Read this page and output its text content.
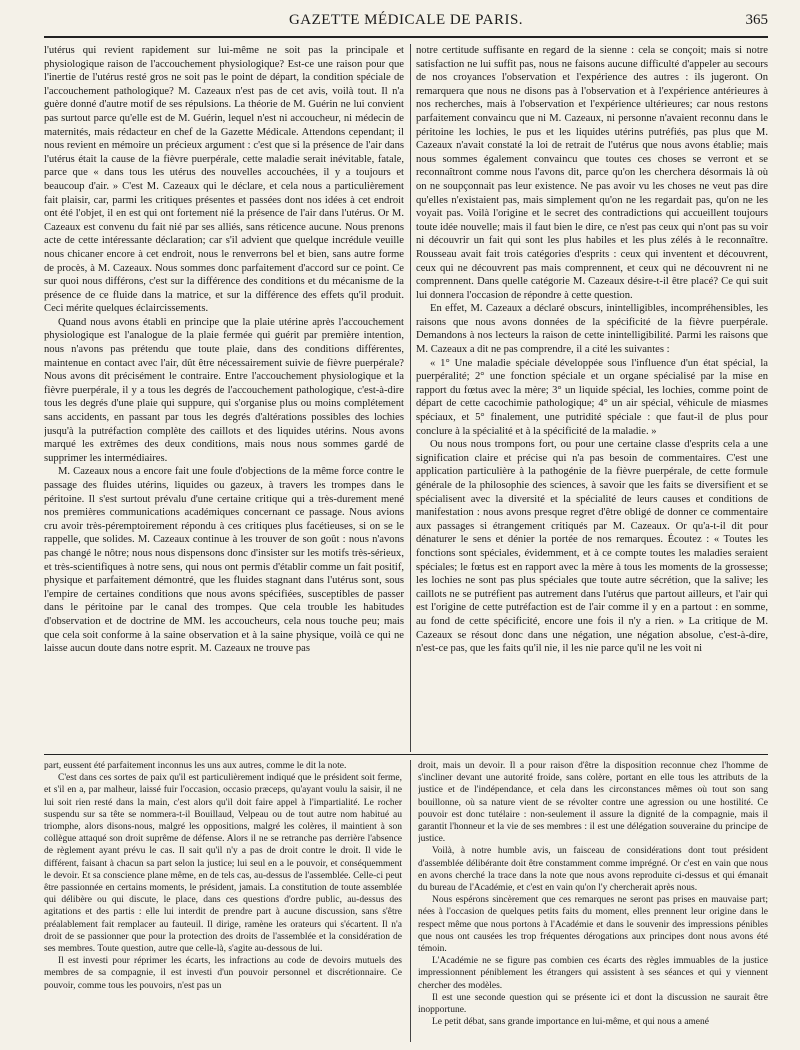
GAZETTE MÉDICALE DE PARIS.	365

l'utérus qui revient rapidement sur lui-même ne soit pas la principale et physiologique raison de l'accouchement physiologique? Est-ce une raison pour que l'inertie de l'utérus resté gros ne soit pas le point de départ, la condition spéciale de l'accouchement pathologique? M. Cazeaux n'est pas de cet avis, voilà tout. Il n'a guère donné d'autre motif de ses répulsions. La théorie de M. Guérin ne lui convient pas surtout parce qu'elle est de M. Guérin, lequel n'est ni accoucheur, ni médecin de maternités, mais rédacteur en chef de la Gazette Médicale. Attendons cependant; il nous revient en mémoire un précieux argument : c'est que si la présence de l'air dans l'utérus était la cause de la fièvre puerpérale, cette maladie serait inévitable, fatale, parce que « dans tous les utérus des nouvelles accouchées, il y a toujours et beaucoup d'air. » C'est M. Cazeaux qui le déclare, et cela nous a particulièrement fait plaisir, car, parmi les critiques présentes et passées dont nos idées à cet endroit ont été l'objet, il en est qui ont fortement nié la présence de l'air dans l'utérus. Or M. Cazeaux est convenu du fait nié par ses alliés, sans réticence aucune. Nous prenons acte de cette intéressante déclaration; car s'il advient que quelque incrédule veuille nous chicaner encore à cet endroit, nous le renverrons bel et bien, sans autre forme de procès, à M. Cazeaux. Nous sommes donc parfaitement d'accord sur ce point. Ce sur quoi nous différons, c'est sur la différence des conditions et du mécanisme de la présence de ce fluide dans la matrice, et sur la différence des effets qu'il produit. Ceci mérite quelques éclaircissements.

Quand nous avons établi en principe que la plaie utérine après l'accouchement physiologique est l'analogue de la plaie fermée qui guérit par première intention, nous n'avons pas prétendu que toute plaie, dans des conditions différentes, maintenue en contact avec l'air, dût être nécessairement suivie de fièvre puerpérale? Nous avons dit précisément le contraire. Entre l'accouchement physiologique et la fièvre puerpérale, il y a tous les degrés de l'accouchement pathologique, c'est-à-dire tous les degrés d'une plaie qui suppure, qui s'organise plus ou moins complétement sans accidents, en passant par tous les degrés d'altérations possibles des lochies jusqu'à la putréfaction complète des caillots et des liquides utérins. Nous avons marqué les extrêmes des deux conditions, mais nous nous sommes gardé de supprimer les intermédiaires.

M. Cazeaux nous a encore fait une foule d'objections de la même force contre le passage des fluides utérins, liquides ou gazeux, à travers les trompes dans le péritoine. Il s'est surtout prévalu d'une certaine critique qui a très-durement mené nos premières communications académiques concernant ce passage. Nous avions cru avoir très-péremptoirement répondu à ces critiques plus facétieuses, si on se le rappelle, que solides. M. Cazeaux continue à les trouver de son goût : nous n'avons pas changé le nôtre; nous nous dispensons donc d'insister sur les motifs très-sérieux, et très-scientifiques à notre sens, qui nous ont permis d'établir comme un fait positif, physique et parfaitement démontré, que les fluides stagnant dans l'utérus sont, sous l'empire de certaines conditions que nous avons spécifiées, susceptibles de passer dans le péritoine par le canal des trompes. Que cela trouble les habitudes d'observation et de doctrine de MM. les accoucheurs, cela nous touche peu; mais que cela soit conforme à la saine observation et à la saine physique, voilà ce qui ne laisse aucun doute dans notre esprit. M. Cazeaux ne trouve pas

notre certitude suffisante en regard de la sienne : cela se conçoit; mais si notre satisfaction ne lui suffit pas, nous ne faisons aucune difficulté d'appeler au secours de nos croyances l'observation et l'expérience des autres : ils jugeront. On remarquera que nous ne disons pas à l'observation et à l'expérience antérieures à nos recherches, mais à l'observation et l'expérience ultérieures; car nous restons parfaitement convaincu que ni M. Cazeaux, ni personne n'avaient reconnu dans le péritoine les lochies, le pus et les liquides utérins putréfiés, pas plus que M. Cazeaux n'avait constaté la loi de retrait de l'utérus que nous avons établie; mais nous sommes également convaincu que toutes ces choses se verront et se reconnaîtront comme nous l'avons dit, parce qu'on les cherchera désormais là où on ne soupçonnait pas leur existence. Ne pas avoir vu les choses ne veut pas dire qu'elles n'existaient pas, mais simplement qu'on ne les regardait pas, qu'on ne les voyait pas. Voilà l'origine et le secret des contradictions qui accueillent toujours toute idée nouvelle; mais il faut bien le dire, ce n'est pas ceux qui n'ont pas su voir ni découvrir un fait qui sont les plus habiles et les plus zélés à le reconnaître. Rousseau avait fait trois catégories d'esprits : ceux qui inventent et découvrent, ceux qui ne découvrent pas mais comprennent, et ceux qui ne découvrent ni ne comprennent. Dans quelle catégorie M. Cazeaux désire-t-il être placé? Ce qui suit lui donnera l'occasion de répondre à cette question.

En effet, M. Cazeaux a déclaré obscurs, inintelligibles, incompréhensibles, les raisons que nous avons données de la spécificité de la fièvre puerpérale. Demandons à nos lecteurs la raison de cette inintelligibilité. Parmi les raisons que M. Cazeaux a dit ne pas comprendre, il a cité les suivantes :

« 1° Une maladie spéciale développée sous l'influence d'un état spécial, la puerpéralité; 2° une fonction spéciale et un organe spécialisé par la mise en rapport du fœtus avec la mère; 3° un liquide spécial, les lochies, comme point de départ de cette cacochimie pathologique; 4° un air spécial, véhicule de miasmes spéciaux, et 5° finalement, une putridité spéciale : que faut-il de plus pour conclure à la spécialité et à la spécificité de la maladie. »

Ou nous nous trompons fort, ou pour une certaine classe d'esprits cela a une signification claire et précise qui n'a pas besoin de commentaires. C'est une application particulière à la pathogénie de la fièvre puerpérale, de cette formule générale de la philosophie des sciences, à savoir que les faits se diversifient et se spécialisent avec la diversité et la spécialité de leurs causes et conditions de manifestation : nous avons presque regret d'être obligé de donner ce commentaire aux passages si étrangement critiqués par M. Cazeaux. Or qu'a-t-il dit pour dénaturer le sens et dénier la portée de nos remarques. Écoutez : « Toutes les fonctions sont spéciales, évidemment, et à ce compte toutes les maladies seraient spéciales; le fœtus est en rapport avec la mère à tous les moments de la grossesse; les lochies ne sont pas plus spéciales que toute autre sécrétion, que la salive; les caillots ne se putréfient pas autrement dans l'utérus que partout ailleurs, et l'air qui est l'origine de cette putréfaction est de l'air comme il y en a partout : en somme, au fond de cette spécificité, encore une fois il n'y a rien. » La critique de M. Cazeaux se résout donc dans une négation, une négation absolue, c'est-à-dire, n'est-ce pas, que les faits qu'il nie, il les nie parce qu'il ne les voit ni

part, eussent été parfaitement inconnus les uns aux autres, comme le dit la note.

C'est dans ces sortes de paix qu'il est particulièrement indiqué que le président soit ferme, et s'il en a, par malheur, laissé fuir l'occasion, occasio præceps, qu'ayant voulu la saisir, il ne lui soit rien resté dans la main, c'est alors qu'il doit faire appel à l'impartialité. Le rocher suspendu sur sa tête se nommera-t-il Bouillaud, Velpeau ou de tout autre nom habitué au triomphe, alors disons-nous, malgré les oppositions, malgré les colères, il maintient à son collègue attaqué son droit suprême de défense. Alors il ne se retranche pas derrière l'absence de règlement ayant prévu le cas. Il sait qu'il n'y a pas de droit contre le droit. Il vide le différent, faisant à chacun sa part selon la justice; lui seul en a le pouvoir, et conséquemment le devoir. Et sa conscience plane même, en de tels cas, au-dessus de l'assemblée. Celle-ci peut être passionnée en certains moments, le président, jamais. La constitution de toute assemblée qui délibère ou qui discute, le place, dans ces questions d'ordre public, au-dessus des agitations et des partis : elle lui interdit de prendre part à aucune discussion, sans s'être préalablement fait remplacer au fauteuil. Il dirige, ramène les orateurs qui s'écartent. Il n'a droit de se passionner que pour la protection des droits de l'assemblée et la considération de ses membres. Toute question, autre que celle-là, s'agite au-dessous de lui.

Il est investi pour réprimer les écarts, les infractions au code de devoirs mutuels des membres de sa compagnie, il est investi d'un pouvoir personnel et discrétionnaire. Ce pouvoir, comme tous les pouvoirs, n'est pas un

droit, mais un devoir. Il a pour raison d'être la disposition reconnue chez l'homme de s'incliner devant une autorité froide, sans colère, portant en elle tous les attributs de la justice et de l'indépendance, et cela dans les circonstances mêmes où tout son sang bouillonne, où sa nature vient de se révolter contre une agression ou une hostilité. Ce pouvoir est donc tutélaire : non-seulement il assure la dignité de la compagnie, mais il garantit l'honneur et la vie de ses membres : il est une délégation souveraine du principe de justice.

Voilà, à notre humble avis, un faisceau de considérations dont tout président d'assemblée délibérante doit être constamment comme imprégné. Or c'est en vain que nous en avons cherché la trace dans la note que nous avons reproduite ci-dessus et qui émanait du bureau de l'Académie, et c'est en vain qu'on l'y chercherait après nous.

Nous espérons sincèrement que ces remarques ne seront pas prises en mauvaise part; nées à l'occasion de quelques petits faits du moment, elles prennent leur origine dans le respect même que nous portons à l'Académie et dans le souvenir des impressions pénibles que nous ont causées les trop fréquentes dérogations aux principes dont nous avons été témoin.

L'Académie ne se figure pas combien ces écarts des règles immuables de la justice impressionnent péniblement les étrangers qui assistent à ses séances et qui y viennent chercher des modèles.

Il est une seconde question qui se présente ici et dont la discussion ne saurait être inopportune.

Le petit débat, sans grande importance en lui-même, et qui nous a amené
